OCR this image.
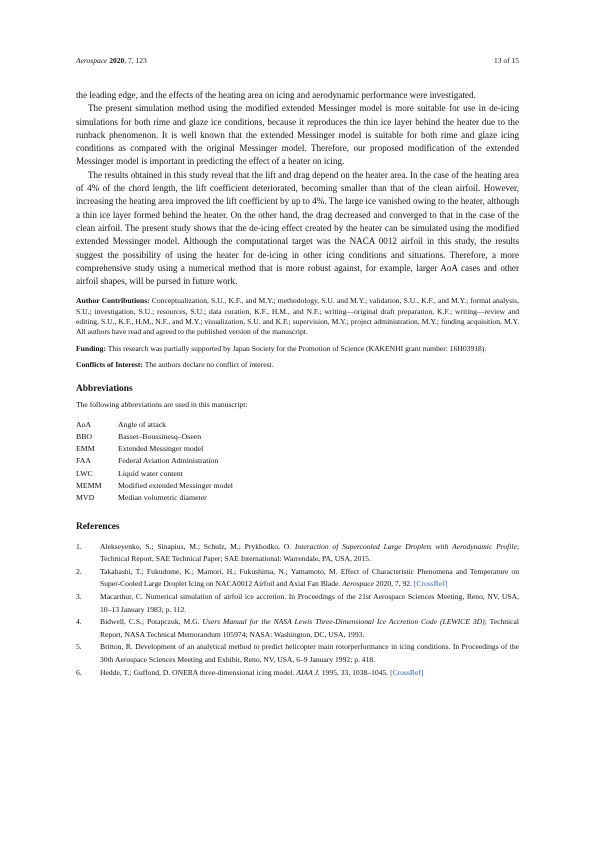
Aerospace 2020, 7, 123	13 of 15

the leading edge, and the effects of the heating area on icing and aerodynamic performance were investigated.

The present simulation method using the modified extended Messinger model is more suitable for use in de-icing simulations for both rime and glaze ice conditions, because it reproduces the thin ice layer behind the heater due to the runback phenomenon. It is well known that the extended Messinger model is suitable for both rime and glaze icing conditions as compared with the original Messinger model. Therefore, our proposed modification of the extended Messinger model is important in predicting the effect of a heater on icing.

The results obtained in this study reveal that the lift and drag depend on the heater area. In the case of the heating area of 4% of the chord length, the lift coefficient deteriorated, becoming smaller than that of the clean airfoil. However, increasing the heating area improved the lift coefficient by up to 4%. The large ice vanished owing to the heater, although a thin ice layer formed behind the heater. On the other hand, the drag decreased and converged to that in the case of the clean airfoil. The present study shows that the de-icing effect created by the heater can be simulated using the modified extended Messinger model. Although the computational target was the NACA 0012 airfoil in this study, the results suggest the possibility of using the heater for de-icing in other icing conditions and situations. Therefore, a more comprehensive study using a numerical method that is more robust against, for example, larger AoA cases and other airfoil shapes, will be pursed in future work.

Author Contributions: Conceptualization, S.U., K.F., and M.Y.; methodology, S.U. and M.Y.; validation, S.U., K.F., and M.Y.; formal analysis, S.U.; investigation, S.U.; resources, S.U.; data curation, K.F., H.M., and N.F.; writing—original draft preparation, K.F.; writing—review and editing, S.U., K.F., H.M., N.F., and M.Y.; visualization, S.U. and K.F.; supervision, M.Y.; project administration, M.Y.; funding acquisition, M.Y. All authors have read and agreed to the published version of the manuscript.

Funding: This research was partially supported by Japan Society for the Promotion of Science (KAKENHI grant number: 16H03918).

Conflicts of Interest: The authors declare no conflict of interest.

Abbreviations

The following abbreviations are used in this manuscript:

AoA	Angle of attack
BBO	Basset–Boussinesq–Oseen
EMM	Extended Messinger model
FAA	Federal Aviation Administration
LWC	Liquid water content
MEMM	Modified extended Messinger model
MVD	Median volumetric diameter
References
1.	Alekseyenko, S.; Sinapius, M.; Schulz, M.; Prykhodko, O. Interaction of Supercooled Large Droplets with Aerodynamic Profile; Technical Report, SAE Technical Paper; SAE International: Warrendale, PA, USA, 2015.
2.	Takahashi, T.; Fukudome, K.; Mamori, H.; Fukushima, N.; Yamamoto, M. Effect of Characteristic Phenomena and Temperature on Super-Cooled Large Droplet Icing on NACA0012 Airfoil and Axial Fan Blade. Aerospace 2020, 7, 92. [CrossRef]
3.	Macarthur, C. Numerical simulation of airfoil ice accretion. In Proceedings of the 21st Aerospace Sciences Meeting, Reno, NV, USA, 10–13 January 1983; p. 112.
4.	Bidwell, C.S.; Potapczuk, M.G. Users Manual for the NASA Lewis Three-Dimensional Ice Accretion Code (LEWICE 3D); Technical Report, NASA Technical Memorandum 105974; NASA: Washington, DC, USA, 1993.
5.	Britton, R. Development of an analytical method to predict helicopter main rotorperformance in icing conditions. In Proceedings of the 30th Aerospace Sciences Meeting and Exhibit, Reno, NV, USA, 6–9 January 1992; p. 418.
6.	Hedde, T.; Guffond, D. ONERA three-dimensional icing model. AIAA J. 1995, 33, 1038–1045. [CrossRef]
